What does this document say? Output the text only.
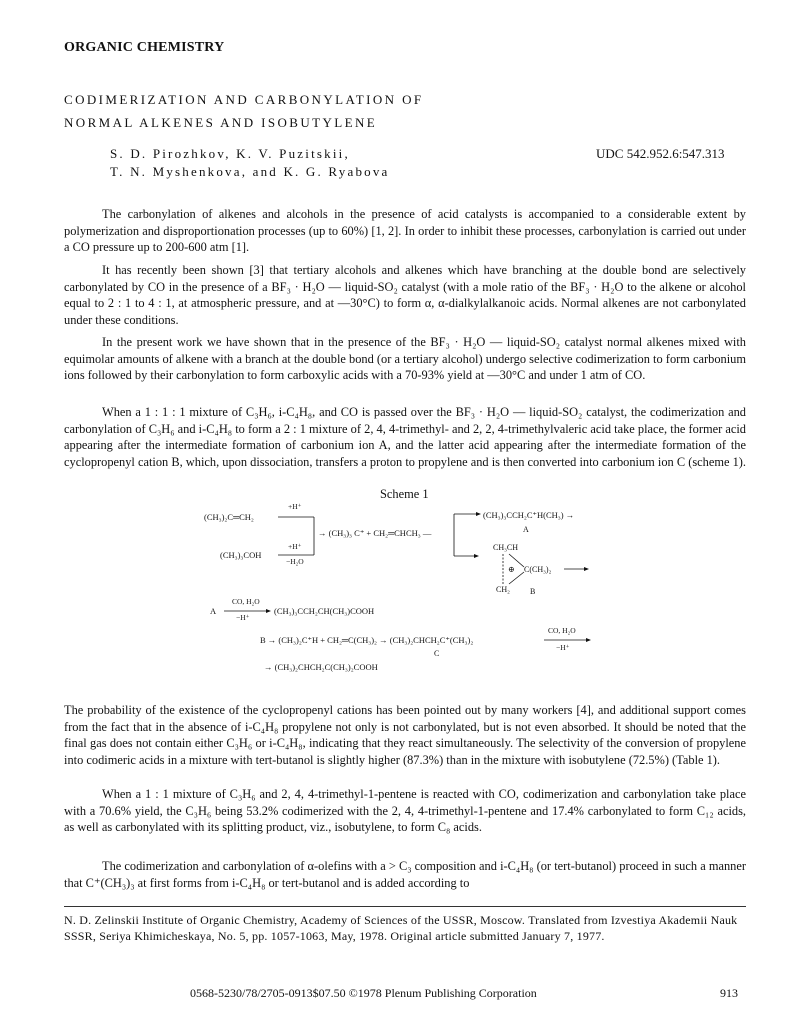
ORGANIC CHEMISTRY
CODIMERIZATION AND CARBONYLATION OF
NORMAL ALKENES AND ISOBUTYLENE
S. D. Pirozhkov, K. V. Puzitskii,
T. N. Myshenkova, and K. G. Ryabova
UDC 542.952.6:547.313

The carbonylation of alkenes and alcohols in the presence of acid catalysts is accompanied to a considerable extent by polymerization and disproportionation processes (up to 60%) [1, 2]. In order to inhibit these processes, carbonylation is carried out under a CO pressure up to 200-600 atm [1].

It has recently been shown [3] that tertiary alcohols and alkenes which have branching at the double bond are selectively carbonylated by CO in the presence of a BF₃ · H₂O — liquid-SO₂ catalyst (with a mole ratio of the BF₃ · H₂O to the alkene or alcohol equal to 2 : 1 to 4 : 1, at atmospheric pressure, and at —30°C) to form α, α-dialkylalkanoic acids. Normal alkenes are not carbonylated under these conditions.

In the present work we have shown that in the presence of the BF₃ · H₂O — liquid-SO₂ catalyst normal alkenes mixed with equimolar amounts of alkene with a branch at the double bond (or a tertiary alcohol) undergo selective codimerization to form carbonium ions followed by their carbonylation to form carboxylic acids with a 70-93% yield at —30°C and under 1 atm of CO.

When a 1 : 1 : 1 mixture of C₃H₆, i-C₄H₈, and CO is passed over the BF₃ · H₂O — liquid-SO₂ catalyst, the codimerization and carbonylation of C₃H₆ and i-C₄H₈ to form a 2 : 1 mixture of 2, 4, 4-trimethyl- and 2, 2, 4-trimethylvaleric acid take place, the former acid appearing after the intermediate formation of carbonium ion A, and the latter acid appearing after the intermediate formation of the cyclopropenyl cation B, which, upon dissociation, transfers a proton to propylene and is then converted into carbonium ion C (scheme 1).

Scheme 1
(CH₃)₂C═CH₂
+H⁺
(CH₃)₃COH
+H⁺
−H₂O
→ (CH₃)₃ C⁺ + CH₂═CHCH₃ —
(CH₃)₃CCH₂C⁺H(CH₃) →
A
CH₃CH
⊕ C(CH₃)₂
CH₂	B
A
CO, H₂O
−H⁺
(CH₃)₃CCH₂CH(CH₃)COOH
B → (CH₃)₂C⁺H + CH₂═C(CH₃)₂ → (CH₃)₂CHCH₂C⁺(CH₃)₂
CO, H₂O
−H⁺
C
→ (CH₃)₂CHCH₂C(CH₃)₂COOH

The probability of the existence of the cyclopropenyl cations has been pointed out by many workers [4], and additional support comes from the fact that in the absence of i-C₄H₈ propylene not only is not carbonylated, but is not even absorbed. It should be noted that the final gas does not contain either C₃H₆ or i-C₄H₈, indicating that they react simultaneously. The selectivity of the conversion of propylene into codimeric acids in a mixture with tert-butanol is slightly higher (87.3%) than in the mixture with isobutylene (72.5%) (Table 1).

When a 1 : 1 mixture of C₃H₆ and 2, 4, 4-trimethyl-1-pentene is reacted with CO, codimerization and carbonylation take place with a 70.6% yield, the C₃H₆ being 53.2% codimerized with the 2, 4, 4-trimethyl-1-pentene and 17.4% carbonylated to form C₁₂ acids, as well as carbonylated with its splitting product, viz., isobutylene, to form C₈ acids.

The codimerization and carbonylation of α-olefins with a > C₃ composition and i-C₄H₈ (or tert-butanol) proceed in such a manner that C⁺(CH₃)₃ at first forms from i-C₄H₈ or tert-butanol and is added according to

N. D. Zelinskii Institute of Organic Chemistry, Academy of Sciences of the USSR, Moscow. Translated from Izvestiya Akademii Nauk SSSR, Seriya Khimicheskaya, No. 5, pp. 1057-1063, May, 1978. Original article submitted January 7, 1977.

0568-5230/78/2705-0913$07.50 ©1978 Plenum Publishing Corporation	913
